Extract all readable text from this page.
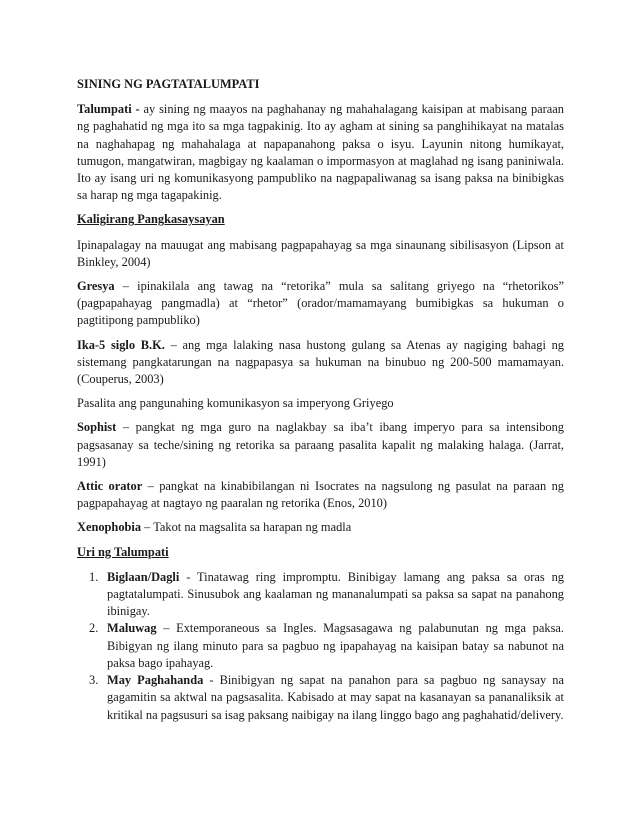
SINING NG PAGTATALUMPATI

Talumpati - ay sining ng maayos na paghahanay ng mahahalagang kaisipan at mabisang paraan ng paghahatid ng mga ito sa mga tagpakinig. Ito ay agham at sining sa panghihikayat na matalas na naghahapag ng mahahalaga at napapanahong paksa o isyu. Layunin nitong humikayat, tumugon, mangatwiran, magbigay ng kaalaman o impormasyon at maglahad ng isang paniniwala. Ito ay isang uri ng komunikasyong pampubliko na nagpapaliwanag sa isang paksa na binibigkas sa harap ng mga tagapakinig.

Kaligirang Pangkasaysayan

Ipinapalagay na mauugat ang mabisang pagpapahayag sa mga sinaunang sibilisasyon (Lipson at Binkley, 2004)

Gresya – ipinakilala ang tawag na “retorika” mula sa salitang griyego na “rhetorikos” (pagpapahayag pangmadla) at “rhetor” (orador/mamamayang bumibigkas sa hukuman o pagtitipong pampubliko)

Ika-5 siglo B.K. – ang mga lalaking nasa hustong gulang sa Atenas ay nagiging bahagi ng sistemang pangkatarungan na nagpapasya sa hukuman na binubuo ng 200-500 mamamayan. (Couperus, 2003)

Pasalita ang pangunahing komunikasyon sa imperyong Griyego

Sophist – pangkat ng mga guro na naglakbay sa iba’t ibang imperyo para sa intensibong pagsasanay sa teche/sining ng retorika sa paraang pasalita kapalit ng malaking halaga. (Jarrat, 1991)

Attic orator – pangkat na kinabibilangan ni Isocrates na nagsulong ng pasulat na paraan ng pagpapahayag at nagtayo ng paaralan ng retorika (Enos, 2010)

Xenophobia – Takot na magsalita sa harapan ng madla

Uri ng Talumpati
1. Biglaan/Dagli - Tinatawag ring impromptu. Binibigay lamang ang paksa sa oras ng pagtatalumpati. Sinusubok ang kaalaman ng mananalumpati sa paksa sa sapat na panahong ibinigay.
2. Maluwag – Extemporaneous sa Ingles. Magsasagawa ng palabunutan ng mga paksa. Bibigyan ng ilang minuto para sa pagbuo ng ipapahayag na kaisipan batay sa nabunot na paksa bago ipahayag.
3. May Paghahanda - Binibigyan ng sapat na panahon para sa pagbuo ng sanaysay na gagamitin sa aktwal na pagsasalita. Kabisado at may sapat na kasanayan sa pananaliksik at kritikal na pagsusuri sa isag paksang naibigay na ilang linggo bago ang paghahatid/delivery.
